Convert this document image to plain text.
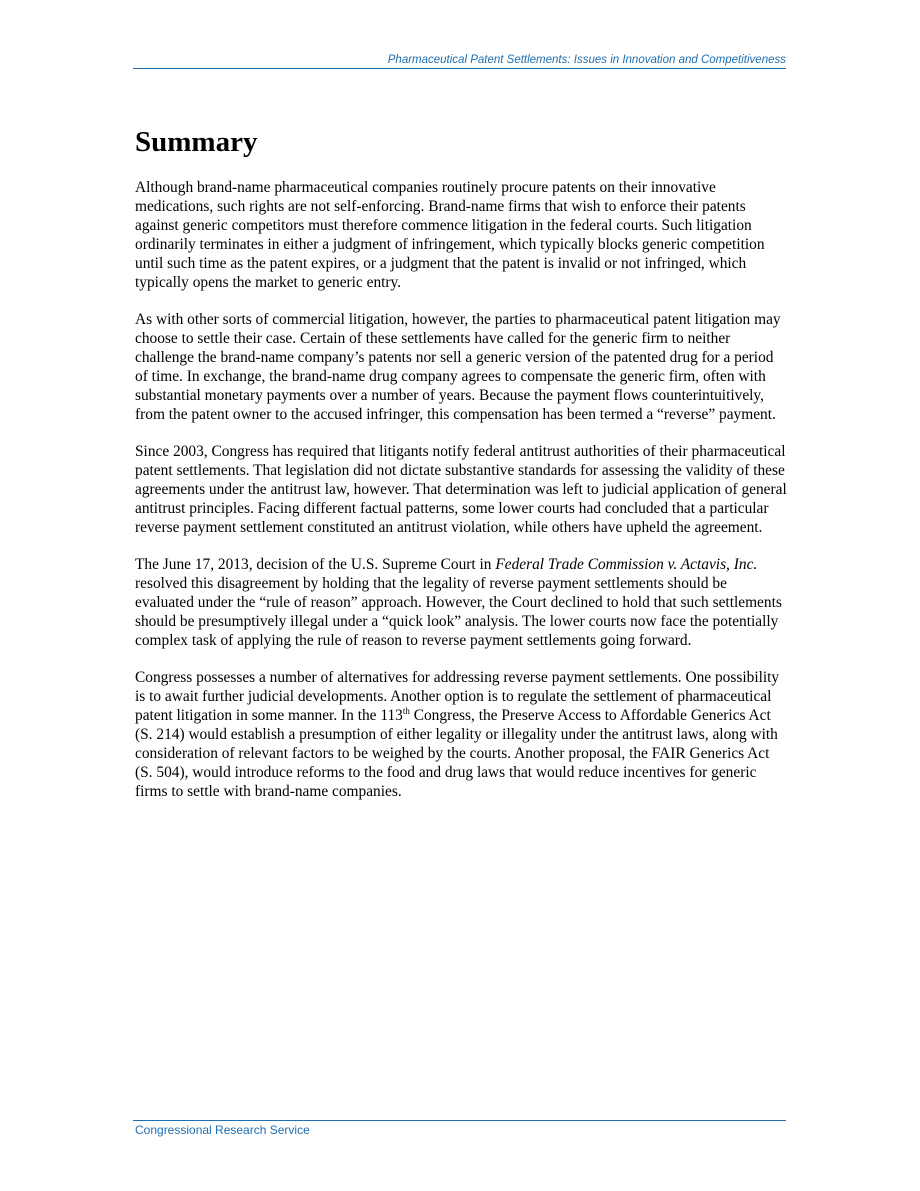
Pharmaceutical Patent Settlements: Issues in Innovation and Competitiveness
Summary

Although brand-name pharmaceutical companies routinely procure patents on their innovative medications, such rights are not self-enforcing. Brand-name firms that wish to enforce their patents against generic competitors must therefore commence litigation in the federal courts. Such litigation ordinarily terminates in either a judgment of infringement, which typically blocks generic competition until such time as the patent expires, or a judgment that the patent is invalid or not infringed, which typically opens the market to generic entry.

As with other sorts of commercial litigation, however, the parties to pharmaceutical patent litigation may choose to settle their case. Certain of these settlements have called for the generic firm to neither challenge the brand-name company’s patents nor sell a generic version of the patented drug for a period of time. In exchange, the brand-name drug company agrees to compensate the generic firm, often with substantial monetary payments over a number of years. Because the payment flows counterintuitively, from the patent owner to the accused infringer, this compensation has been termed a “reverse” payment.

Since 2003, Congress has required that litigants notify federal antitrust authorities of their pharmaceutical patent settlements. That legislation did not dictate substantive standards for assessing the validity of these agreements under the antitrust law, however. That determination was left to judicial application of general antitrust principles. Facing different factual patterns, some lower courts had concluded that a particular reverse payment settlement constituted an antitrust violation, while others have upheld the agreement.

The June 17, 2013, decision of the U.S. Supreme Court in Federal Trade Commission v. Actavis, Inc. resolved this disagreement by holding that the legality of reverse payment settlements should be evaluated under the “rule of reason” approach. However, the Court declined to hold that such settlements should be presumptively illegal under a “quick look” analysis. The lower courts now face the potentially complex task of applying the rule of reason to reverse payment settlements going forward.

Congress possesses a number of alternatives for addressing reverse payment settlements. One possibility is to await further judicial developments. Another option is to regulate the settlement of pharmaceutical patent litigation in some manner. In the 113th Congress, the Preserve Access to Affordable Generics Act (S. 214) would establish a presumption of either legality or illegality under the antitrust laws, along with consideration of relevant factors to be weighed by the courts. Another proposal, the FAIR Generics Act (S. 504), would introduce reforms to the food and drug laws that would reduce incentives for generic firms to settle with brand-name companies.

Congressional Research Service
